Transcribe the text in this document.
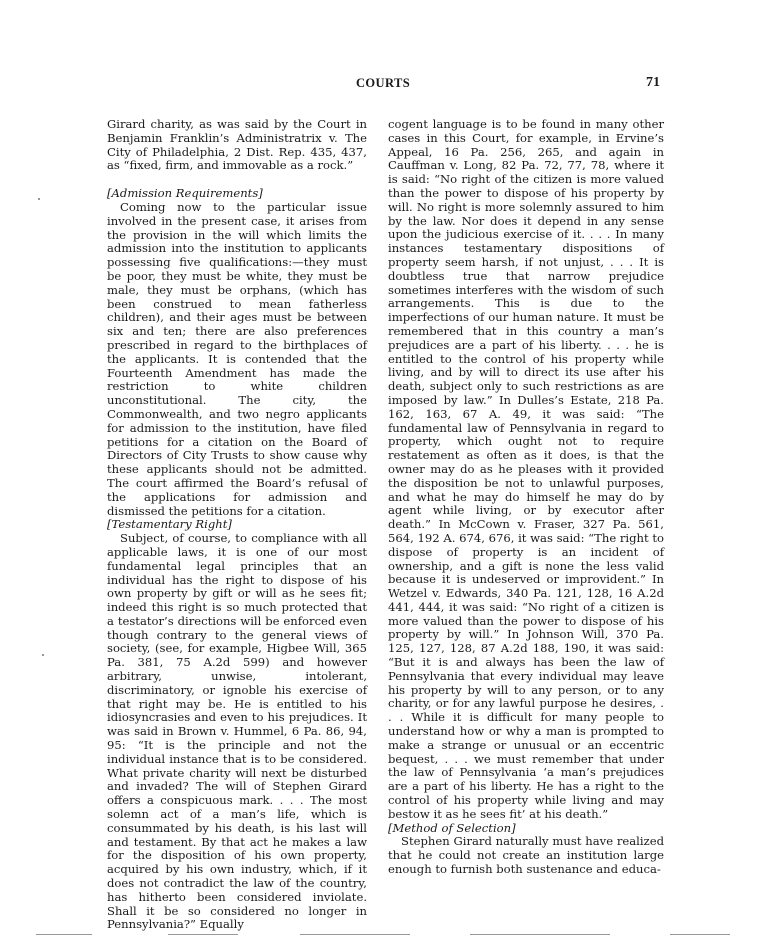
COURTS	71

Girard charity, as was said by the Court in Benjamin Franklin’s Administratrix v. The City of Philadelphia, 2 Dist. Rep. 435, 437, as “fixed, firm, and immovable as a rock.”

[Admission Requirements]

Coming now to the particular issue involved in the present case, it arises from the provision in the will which limits the admission into the institution to applicants possessing five qualifications:—they must be poor, they must be white, they must be male, they must be orphans, (which has been construed to mean fatherless children), and their ages must be between six and ten; there are also preferences prescribed in regard to the birthplaces of the applicants. It is contended that the Fourteenth Amendment has made the restriction to white children unconstitutional. The city, the Commonwealth, and two negro applicants for admission to the institution, have filed petitions for a citation on the Board of Directors of City Trusts to show cause why these applicants should not be admitted. The court affirmed the Board’s refusal of the applications for admission and dismissed the petitions for a citation.

[Testamentary Right]

Subject, of course, to compliance with all applicable laws, it is one of our most fundamental legal principles that an individual has the right to dispose of his own property by gift or will as he sees fit; indeed this right is so much protected that a testator’s directions will be enforced even though contrary to the general views of society, (see, for example, Higbee Will, 365 Pa. 381, 75 A.2d 599) and however arbitrary, unwise, intolerant, discriminatory, or ignoble his exercise of that right may be. He is entitled to his idiosyncrasies and even to his prejudices. It was said in Brown v. Hummel, 6 Pa. 86, 94, 95: “It is the principle and not the individual instance that is to be considered. What private charity will next be disturbed and invaded? The will of Stephen Girard offers a conspicuous mark. . . . The most solemn act of a man’s life, which is consummated by his death, is his last will and testament. By that act he makes a law for the disposition of his own property, acquired by his own industry, which, if it does not contradict the law of the country, has hitherto been considered inviolate. Shall it be so considered no longer in Pennsylvania?” Equally

cogent language is to be found in many other cases in this Court, for example, in Ervine’s Appeal, 16 Pa. 256, 265, and again in Cauffman v. Long, 82 Pa. 72, 77, 78, where it is said: “No right of the citizen is more valued than the power to dispose of his property by will. No right is more solemnly assured to him by the law. Nor does it depend in any sense upon the judicious exercise of it. . . . In many instances testamentary dispositions of property seem harsh, if not unjust, . . . It is doubtless true that narrow prejudice sometimes interferes with the wisdom of such arrangements. This is due to the imperfections of our human nature. It must be remembered that in this country a man’s prejudices are a part of his liberty. . . . he is entitled to the control of his property while living, and by will to direct its use after his death, subject only to such restrictions as are imposed by law.” In Dulles’s Estate, 218 Pa. 162, 163, 67 A. 49, it was said: “The fundamental law of Pennsylvania in regard to property, which ought not to require restatement as often as it does, is that the owner may do as he pleases with it provided the disposition be not to unlawful purposes, and what he may do himself he may do by agent while living, or by executor after death.” In McCown v. Fraser, 327 Pa. 561, 564, 192 A. 674, 676, it was said: “The right to dispose of property is an incident of ownership, and a gift is none the less valid because it is undeserved or improvident.” In Wetzel v. Edwards, 340 Pa. 121, 128, 16 A.2d 441, 444, it was said: “No right of a citizen is more valued than the power to dispose of his property by will.” In Johnson Will, 370 Pa. 125, 127, 128, 87 A.2d 188, 190, it was said: “But it is and always has been the law of Pennsylvania that every individual may leave his property by will to any person, or to any charity, or for any lawful purpose he desires, . . . While it is difficult for many people to understand how or why a man is prompted to make a strange or unusual or an eccentric bequest, . . . we must remember that under the law of Pennsylvania ‘a man’s prejudices are a part of his liberty. He has a right to the control of his property while living and may bestow it as he sees fit’ at his death.”

[Method of Selection]

Stephen Girard naturally must have realized that he could not create an institution large enough to furnish both sustenance and educa-
